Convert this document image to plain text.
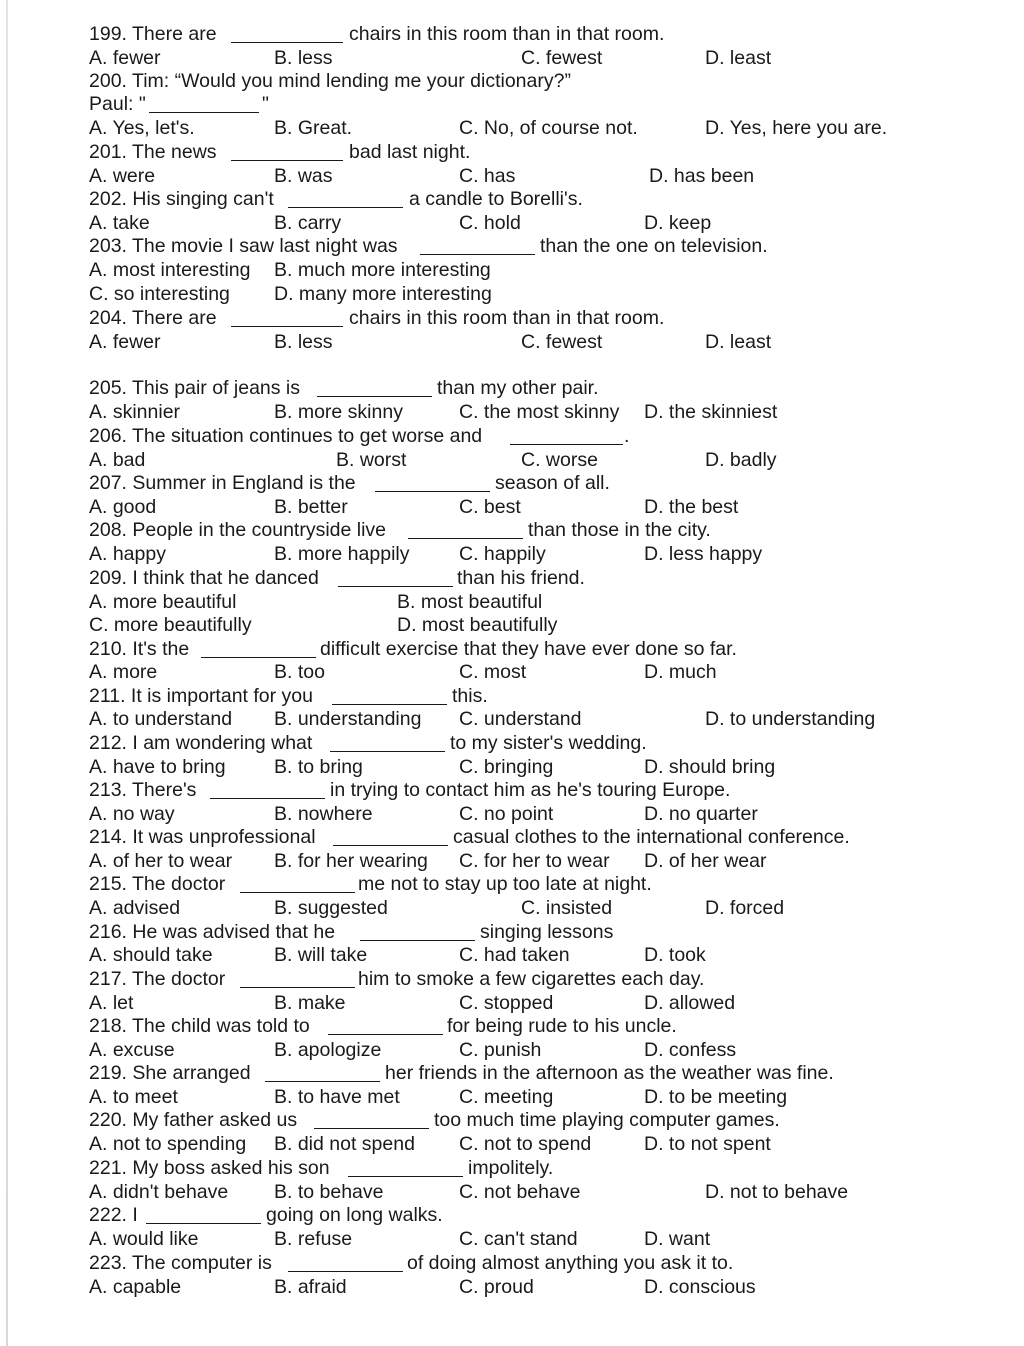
199. There are	chairs in this room than in that room.
A. fewer	B. less	C. fewest	D. least
200. Tim: “Would you mind lending me your dictionary?”
Paul: "	"
A. Yes, let's.	B. Great.	C. No, of course not.	D. Yes, here you are.
201. The news	bad last night.
A. were	B. was	C. has	D. has been
202. His singing can't	a candle to Borelli's.
A. take	B. carry	C. hold	D. keep
203. The movie I saw last night was	than the one on television.
A. most interesting B. much more interesting
C. so interesting D. many more interesting
204. There are	chairs in this room than in that room.
A. fewer	B. less	C. fewest	D. least
205. This pair of jeans is	than my other pair.
A. skinnier	B. more skinny	C. the most skinny D. the skinniest
206. The situation continues to get worse and	.
A. bad	B. worst	C. worse	D. badly
207. Summer in England is the	season of all.
A. good	B. better	C. best	D. the best
208. People in the countryside live	than those in the city.
A. happy	B. more happily	C. happily	D. less happy
209. I think that he danced	than his friend.
A. more beautiful	B. most beautiful
C. more beautifully	D. most beautifully
210. It's the	difficult exercise that they have ever done so far.
A. more	B. too	C. most	D. much
211. It is important for you	this.
A. to understand B. understanding C. understand	D. to understanding
212. I am wondering what	to my sister's wedding.
A. have to bring B. to bring	C. bringing	D. should bring
213. There's	in trying to contact him as he's touring Europe.
A. no way	B. nowhere	C. no point	D. no quarter
214. It was unprofessional	casual clothes to the international conference.
A. of her to wear B. for her wearing C. for her to wear D. of her wear
215. The doctor	me not to stay up too late at night.
A. advised	B. suggested	C. insisted	D. forced
216. He was advised that he	singing lessons
A. should take	B. will take	C. had taken	D. took
217. The doctor	him to smoke a few cigarettes each day.
A. let	B. make	C. stopped	D. allowed
218. The child was told to	for being rude to his uncle.
A. excuse	B. apologize	C. punish	D. confess
219. She arranged	her friends in the afternoon as the weather was fine.
A. to meet	B. to have met	C. meeting	D. to be meeting
220. My father asked us	too much time playing computer games.
A. not to spending B. did not spend C. not to spend	D. to not spent
221. My boss asked his son	impolitely.
A. didn't behave B. to behave	C. not behave	D. not to behave
222. I	going on long walks.
A. would like	B. refuse	C. can't stand	D. want
223. The computer is	of doing almost anything you ask it to.
A. capable	B. afraid	C. proud	D. conscious
